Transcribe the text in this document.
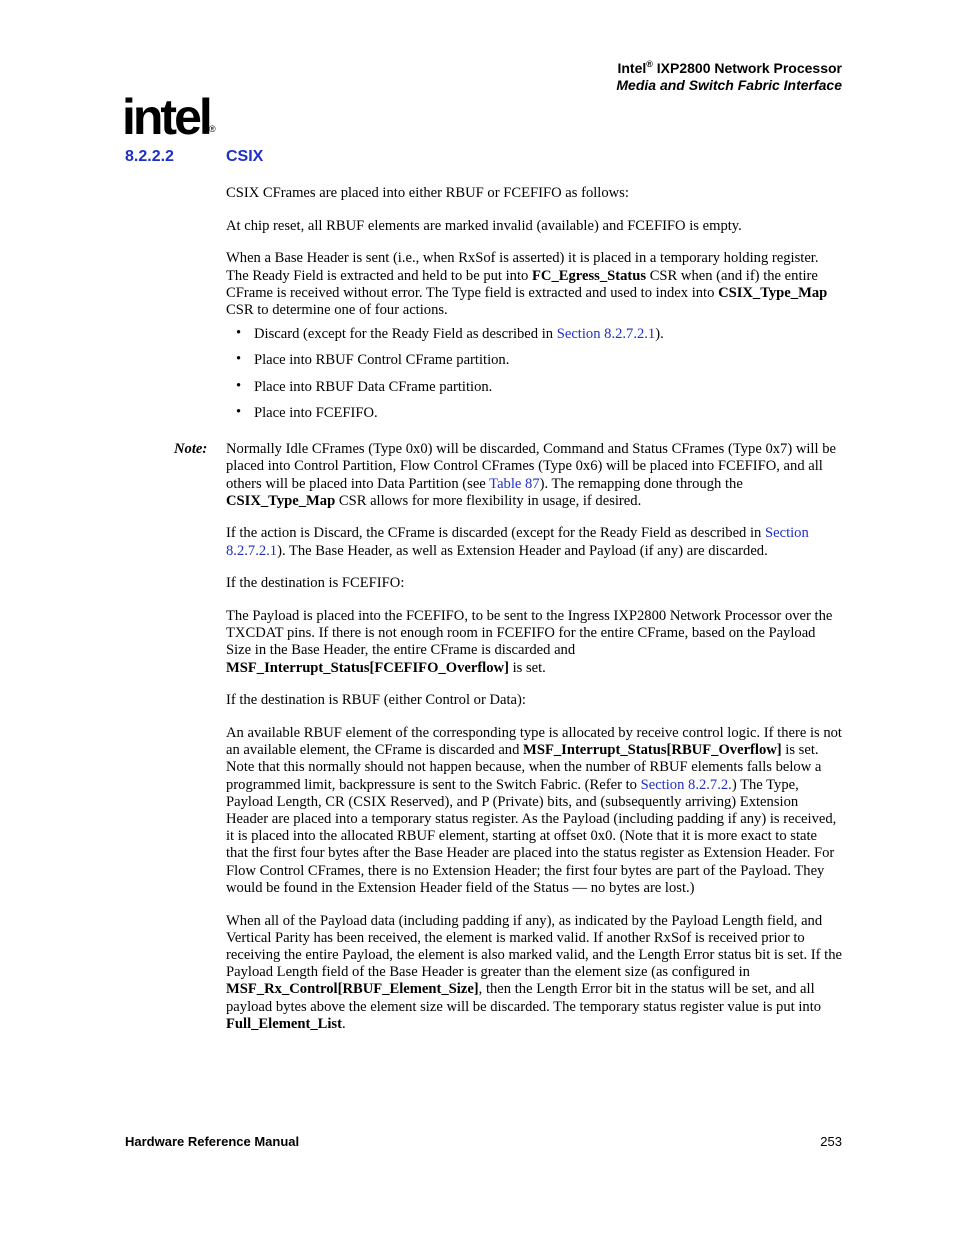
Intel® IXP2800 Network Processor
Media and Switch Fabric Interface
intel ®
8.2.2.2	CSIX

CSIX CFrames are placed into either RBUF or FCEFIFO as follows:

At chip reset, all RBUF elements are marked invalid (available) and FCEFIFO is empty.

When a Base Header is sent (i.e., when RxSof is asserted) it is placed in a temporary holding register. The Ready Field is extracted and held to be put into FC_Egress_Status CSR when (and if) the entire CFrame is received without error. The Type field is extracted and used to index into CSIX_Type_Map CSR to determine one of four actions.

• Discard (except for the Ready Field as described in Section 8.2.7.2.1).
• Place into RBUF Control CFrame partition.
• Place into RBUF Data CFrame partition.
• Place into FCEFIFO.
Note: Normally Idle CFrames (Type 0x0) will be discarded, Command and Status CFrames (Type 0x7) will be placed into Control Partition, Flow Control CFrames (Type 0x6) will be placed into FCEFIFO, and all others will be placed into Data Partition (see Table 87). The remapping done through the CSIX_Type_Map CSR allows for more flexibility in usage, if desired.

If the action is Discard, the CFrame is discarded (except for the Ready Field as described in Section 8.2.7.2.1). The Base Header, as well as Extension Header and Payload (if any) are discarded.

If the destination is FCEFIFO:

The Payload is placed into the FCEFIFO, to be sent to the Ingress IXP2800 Network Processor over the TXCDAT pins. If there is not enough room in FCEFIFO for the entire CFrame, based on the Payload Size in the Base Header, the entire CFrame is discarded and MSF_Interrupt_Status[FCEFIFO_Overflow] is set.

If the destination is RBUF (either Control or Data):

An available RBUF element of the corresponding type is allocated by receive control logic. If there is not an available element, the CFrame is discarded and MSF_Interrupt_Status[RBUF_Overflow] is set. Note that this normally should not happen because, when the number of RBUF elements falls below a programmed limit, backpressure is sent to the Switch Fabric. (Refer to Section 8.2.7.2.) The Type, Payload Length, CR (CSIX Reserved), and P (Private) bits, and (subsequently arriving) Extension Header are placed into a temporary status register. As the Payload (including padding if any) is received, it is placed into the allocated RBUF element, starting at offset 0x0. (Note that it is more exact to state that the first four bytes after the Base Header are placed into the status register as Extension Header. For Flow Control CFrames, there is no Extension Header; the first four bytes are part of the Payload. They would be found in the Extension Header field of the Status — no bytes are lost.)

When all of the Payload data (including padding if any), as indicated by the Payload Length field, and Vertical Parity has been received, the element is marked valid. If another RxSof is received prior to receiving the entire Payload, the element is also marked valid, and the Length Error status bit is set. If the Payload Length field of the Base Header is greater than the element size (as configured in MSF_Rx_Control[RBUF_Element_Size], then the Length Error bit in the status will be set, and all payload bytes above the element size will be discarded. The temporary status register value is put into Full_Element_List.

Hardware Reference Manual	253
